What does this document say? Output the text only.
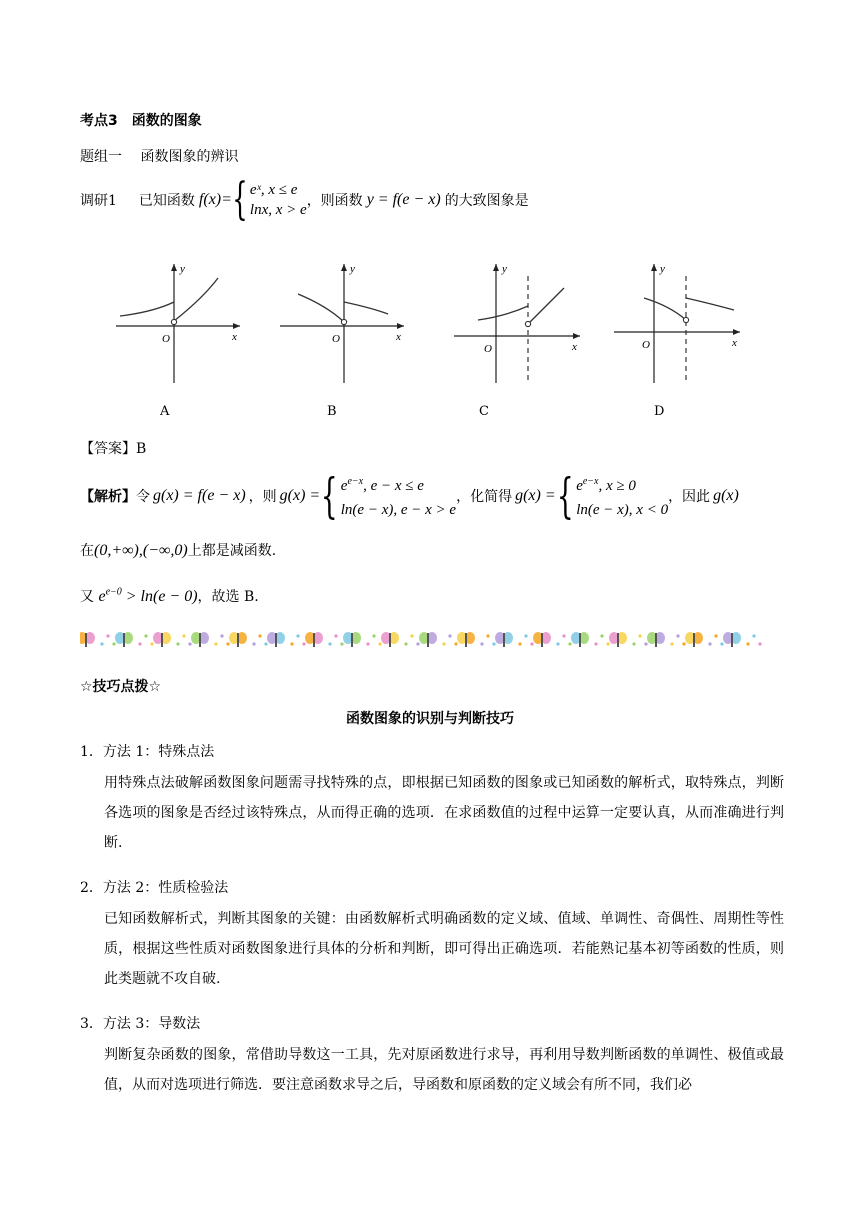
考点3　函数的图象
题组一　 函数图象的辨识
调研1 已知函数 f(x)= { eˣ, x ≤ e
lnx, x > e
，则函数 y = f(e − x) 的大致图象是
y
x
O
y
x
O
y
x
O
y
x
O
A	B	C	D
【答案】B
【解析】 令 g(x) = f(e − x) ，则 g(x) = { $e^{e-x}$, e − x ≤ e
ln(e − x), e − x > e
，化简得 g(x) = { $e^{e-x}$, x ≥ 0
ln(e − x), x < 0
，因此 g(x)
在(0,+∞),(−∞,0)上都是减函数.
又 $e^{e-0} > \ln(e - 0)$，故选 B.
☆技巧点拨☆
函数图象的识别与判断技巧
1．方法 1：特殊点法
用特殊点法破解函数图象问题需寻找特殊的点，即根据已知函数的图象或已知函数的解析式，取特殊点，判断各选项的图象是否经过该特殊点，从而得正确的选项．在求函数值的过程中运算一定要认真，从而准确进行判断.
2．方法 2：性质检验法
已知函数解析式，判断其图象的关键：由函数解析式明确函数的定义域、值域、单调性、奇偶性、周期性等性质，根据这些性质对函数图象进行具体的分析和判断，即可得出正确选项．若能熟记基本初等函数的性质，则此类题就不攻自破.
3．方法 3：导数法
判断复杂函数的图象，常借助导数这一工具，先对原函数进行求导，再利用导数判断函数的单调性、极值或最值，从而对选项进行筛选．要注意函数求导之后，导函数和原函数的定义域会有所不同，我们必
